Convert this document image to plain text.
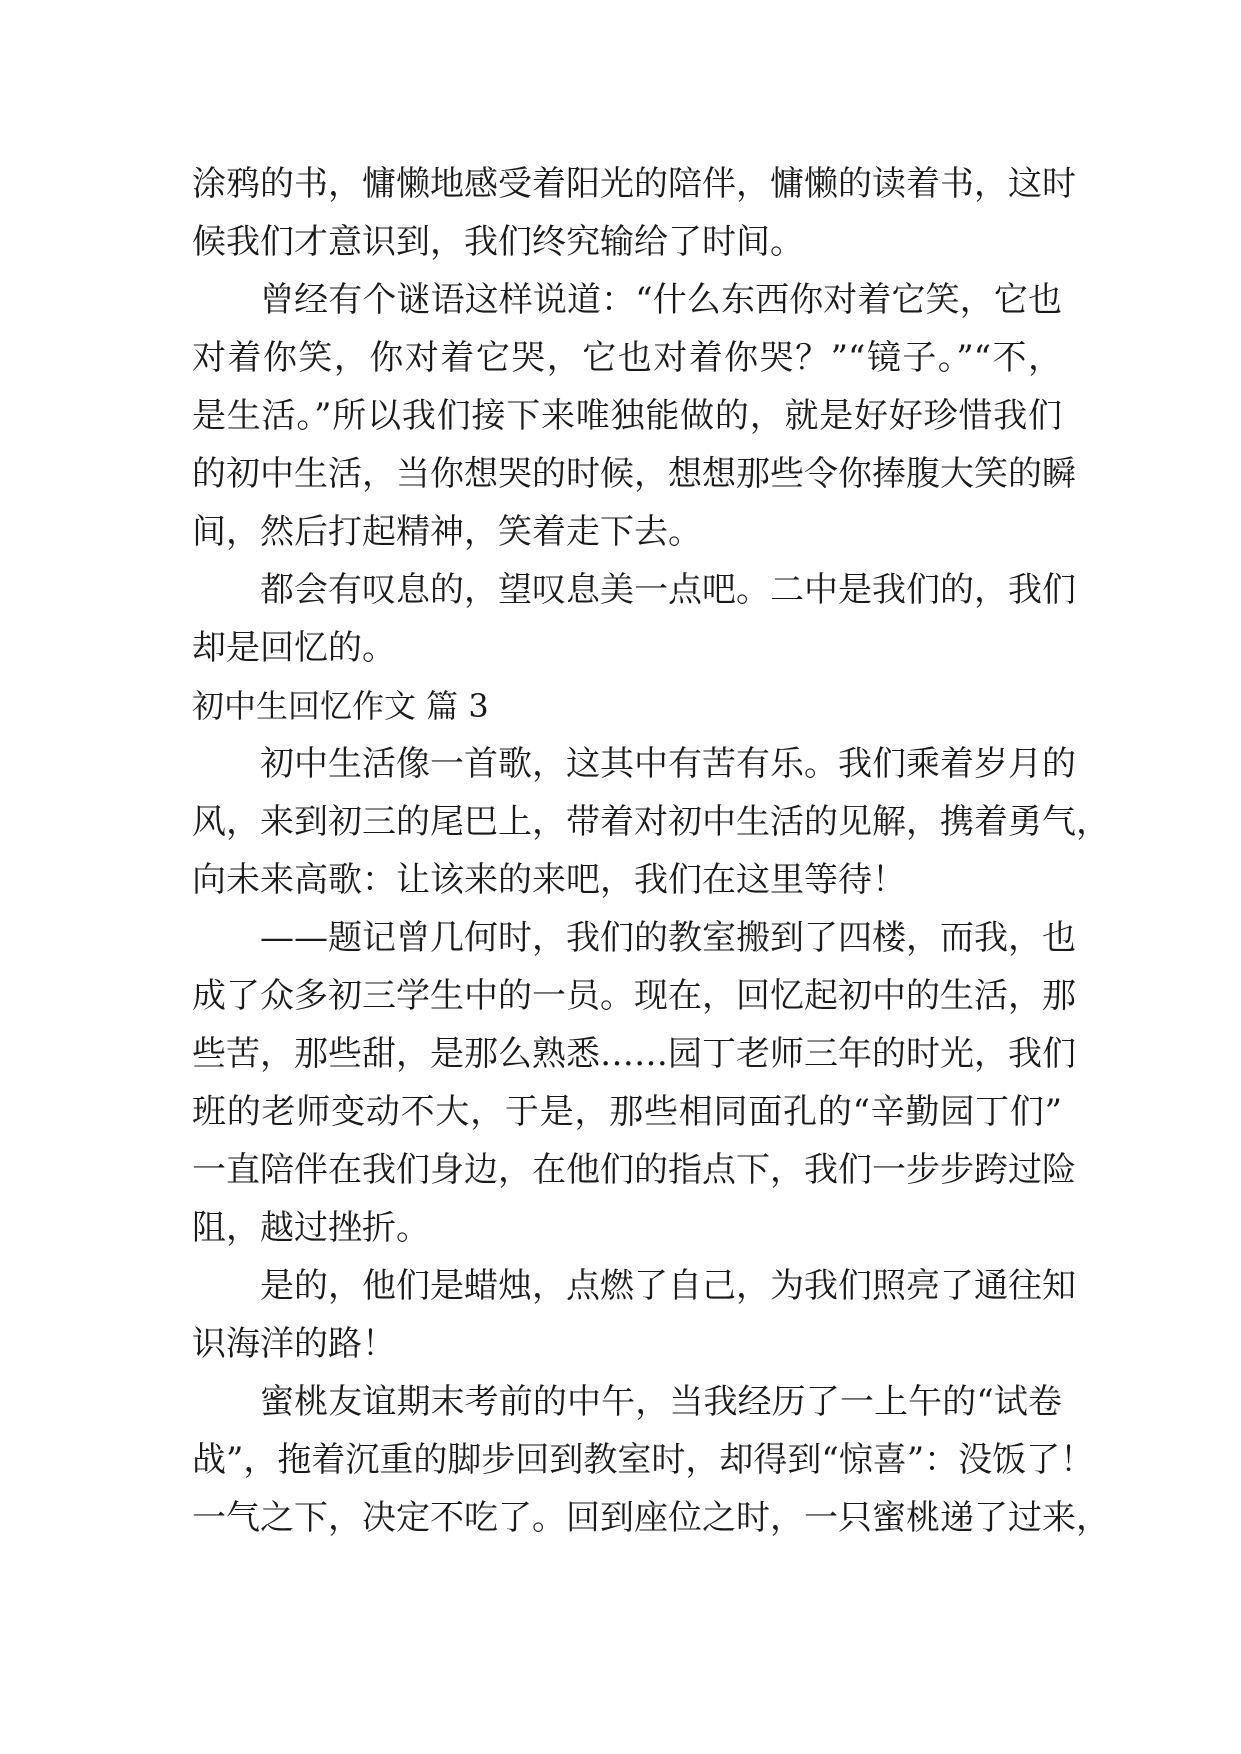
涂鸦的书，慵懒地感受着阳光的陪伴，慵懒的读着书，这时
候我们才意识到，我们终究输给了时间。
曾经有个谜语这样说道：“什么东西你对着它笑，它也
对着你笑，你对着它哭，它也对着你哭？”“镜子。”“不，
是生活。”所以我们接下来唯独能做的，就是好好珍惜我们
的初中生活，当你想哭的时候，想想那些令你捧腹大笑的瞬
间，然后打起精神，笑着走下去。
都会有叹息的，望叹息美一点吧。二中是我们的，我们
却是回忆的。
初中生回忆作文 篇 3
初中生活像一首歌，这其中有苦有乐。我们乘着岁月的
风，来到初三的尾巴上，带着对初中生活的见解，携着勇气，
向未来高歌：让该来的来吧，我们在这里等待！
——题记曾几何时，我们的教室搬到了四楼，而我，也
成了众多初三学生中的一员。现在，回忆起初中的生活，那
些苦，那些甜，是那么熟悉……园丁老师三年的时光，我们
班的老师变动不大，于是，那些相同面孔的“辛勤园丁们”
一直陪伴在我们身边，在他们的指点下，我们一步步跨过险
阻，越过挫折。
是的，他们是蜡烛，点燃了自己，为我们照亮了通往知
识海洋的路！
蜜桃友谊期末考前的中午，当我经历了一上午的“试卷
战”，拖着沉重的脚步回到教室时，却得到“惊喜”：没饭了！
一气之下，决定不吃了。回到座位之时，一只蜜桃递了过来，
